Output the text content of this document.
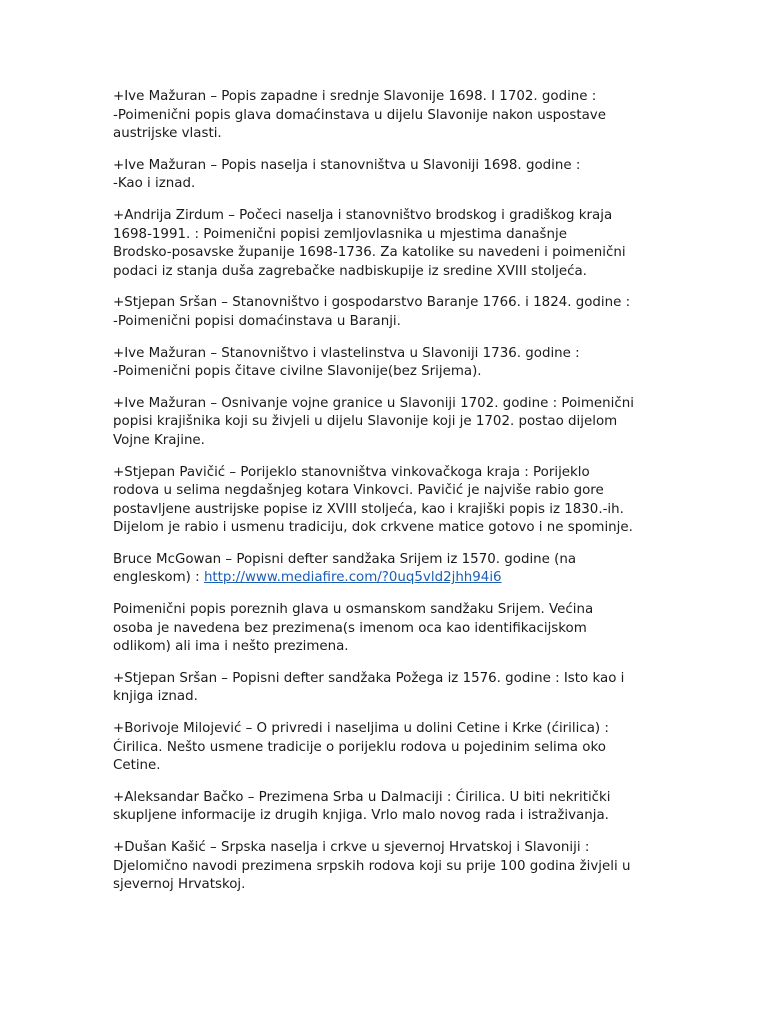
+Ive Mažuran – Popis zapadne i srednje Slavonije 1698. I 1702. godine :
-Poimenični popis glava domaćinstava u dijelu Slavonije nakon uspostave
austrijske vlasti.

+Ive Mažuran – Popis naselja i stanovništva u Slavoniji 1698. godine :
-Kao i iznad.

+Andrija Zirdum – Počeci naselja i stanovništvo brodskog i gradiškog kraja
1698-1991. : Poimenični popisi zemljovlasnika u mjestima današnje
Brodsko-posavske županije 1698-1736. Za katolike su navedeni i poimenični
podaci iz stanja duša zagrebačke nadbiskupije iz sredine XVIII stoljeća.

+Stjepan Sršan – Stanovništvo i gospodarstvo Baranje 1766. i 1824. godine :
-Poimenični popisi domaćinstava u Baranji.

+Ive Mažuran – Stanovništvo i vlastelinstva u Slavoniji 1736. godine :
-Poimenični popis čitave civilne Slavonije(bez Srijema).

+Ive Mažuran – Osnivanje vojne granice u Slavoniji 1702. godine : Poimenični
popisi krajišnika koji su živjeli u dijelu Slavonije koji je 1702. postao dijelom
Vojne Krajine.

+Stjepan Pavičić – Porijeklo stanovništva vinkovačkoga kraja : Porijeklo
rodova u selima negdašnjeg kotara Vinkovci. Pavičić je najviše rabio gore
postavljene austrijske popise iz XVIII stoljeća, kao i krajiški popis iz 1830.-ih.
Dijelom je rabio i usmenu tradiciju, dok crkvene matice gotovo i ne spominje.

Bruce McGowan – Popisni defter sandžaka Srijem iz 1570. godine (na
engleskom) : http://www.mediafire.com/?0uq5vld2jhh94i6

Poimenični popis poreznih glava u osmanskom sandžaku Srijem. Većina
osoba je navedena bez prezimena(s imenom oca kao identifikacijskom
odlikom) ali ima i nešto prezimena.

+Stjepan Sršan – Popisni defter sandžaka Požega iz 1576. godine : Isto kao i
knjiga iznad.

+Borivoje Milojević – O privredi i naseljima u dolini Cetine i Krke (ćirilica) :
Ćirilica. Nešto usmene tradicije o porijeklu rodova u pojedinim selima oko
Cetine.

+Aleksandar Bačko – Prezimena Srba u Dalmaciji : Ćirilica. U biti nekritički
skupljene informacije iz drugih knjiga. Vrlo malo novog rada i istraživanja.

+Dušan Kašić – Srpska naselja i crkve u sjevernoj Hrvatskoj i Slavoniji :
Djelomično navodi prezimena srpskih rodova koji su prije 100 godina živjeli u
sjevernoj Hrvatskoj.
